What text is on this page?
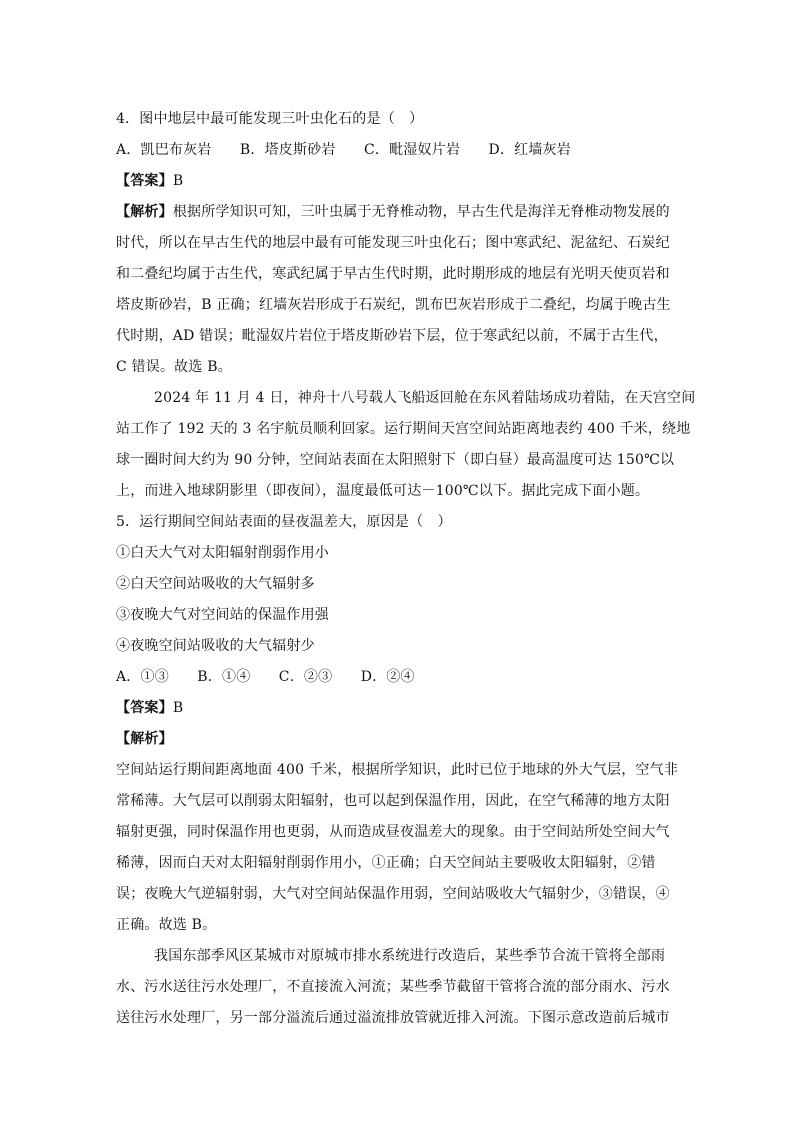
4．图中地层中最可能发现三叶虫化石的是（　）
A．凯巴布灰岩　　B．塔皮斯砂岩　　C．毗湿奴片岩　　D．红墙灰岩
【答案】B
【解析】根据所学知识可知，三叶虫属于无脊椎动物，早古生代是海洋无脊椎动物发展的
时代，所以在早古生代的地层中最有可能发现三叶虫化石；图中寒武纪、泥盆纪、石炭纪
和二叠纪均属于古生代，寒武纪属于早古生代时期，此时期形成的地层有光明天使页岩和
塔皮斯砂岩，B 正确；红墙灰岩形成于石炭纪，凯布巴灰岩形成于二叠纪，均属于晚古生
代时期，AD 错误；毗湿奴片岩位于塔皮斯砂岩下层，位于寒武纪以前，不属于古生代，
C 错误。故选 B。
2024 年 11 月 4 日，神舟十八号载人飞船返回舱在东风着陆场成功着陆，在天宫空间
站工作了 192 天的 3 名宇航员顺利回家。运行期间天宫空间站距离地表约 400 千米，绕地
球一圈时间大约为 90 分钟，空间站表面在太阳照射下（即白昼）最高温度可达 150℃以
上，而进入地球阴影里（即夜间），温度最低可达－100℃以下。据此完成下面小题。
5．运行期间空间站表面的昼夜温差大，原因是（　）
①白天大气对太阳辐射削弱作用小
②白天空间站吸收的大气辐射多
③夜晚大气对空间站的保温作用强
④夜晚空间站吸收的大气辐射少
A．①③　　B．①④　　C．②③　　D．②④
【答案】B
【解析】
空间站运行期间距离地面 400 千米，根据所学知识，此时已位于地球的外大气层，空气非
常稀薄。大气层可以削弱太阳辐射，也可以起到保温作用，因此，在空气稀薄的地方太阳
辐射更强，同时保温作用也更弱，从而造成昼夜温差大的现象。由于空间站所处空间大气
稀薄，因而白天对太阳辐射削弱作用小，①正确；白天空间站主要吸收太阳辐射，②错
误；夜晚大气逆辐射弱，大气对空间站保温作用弱，空间站吸收大气辐射少，③错误，④
正确。故选 B。
我国东部季风区某城市对原城市排水系统进行改造后，某些季节合流干管将全部雨
水、污水送往污水处理厂，不直接流入河流；某些季节截留干管将合流的部分雨水、污水
送往污水处理厂，另一部分溢流后通过溢流排放管就近排入河流。下图示意改造前后城市
